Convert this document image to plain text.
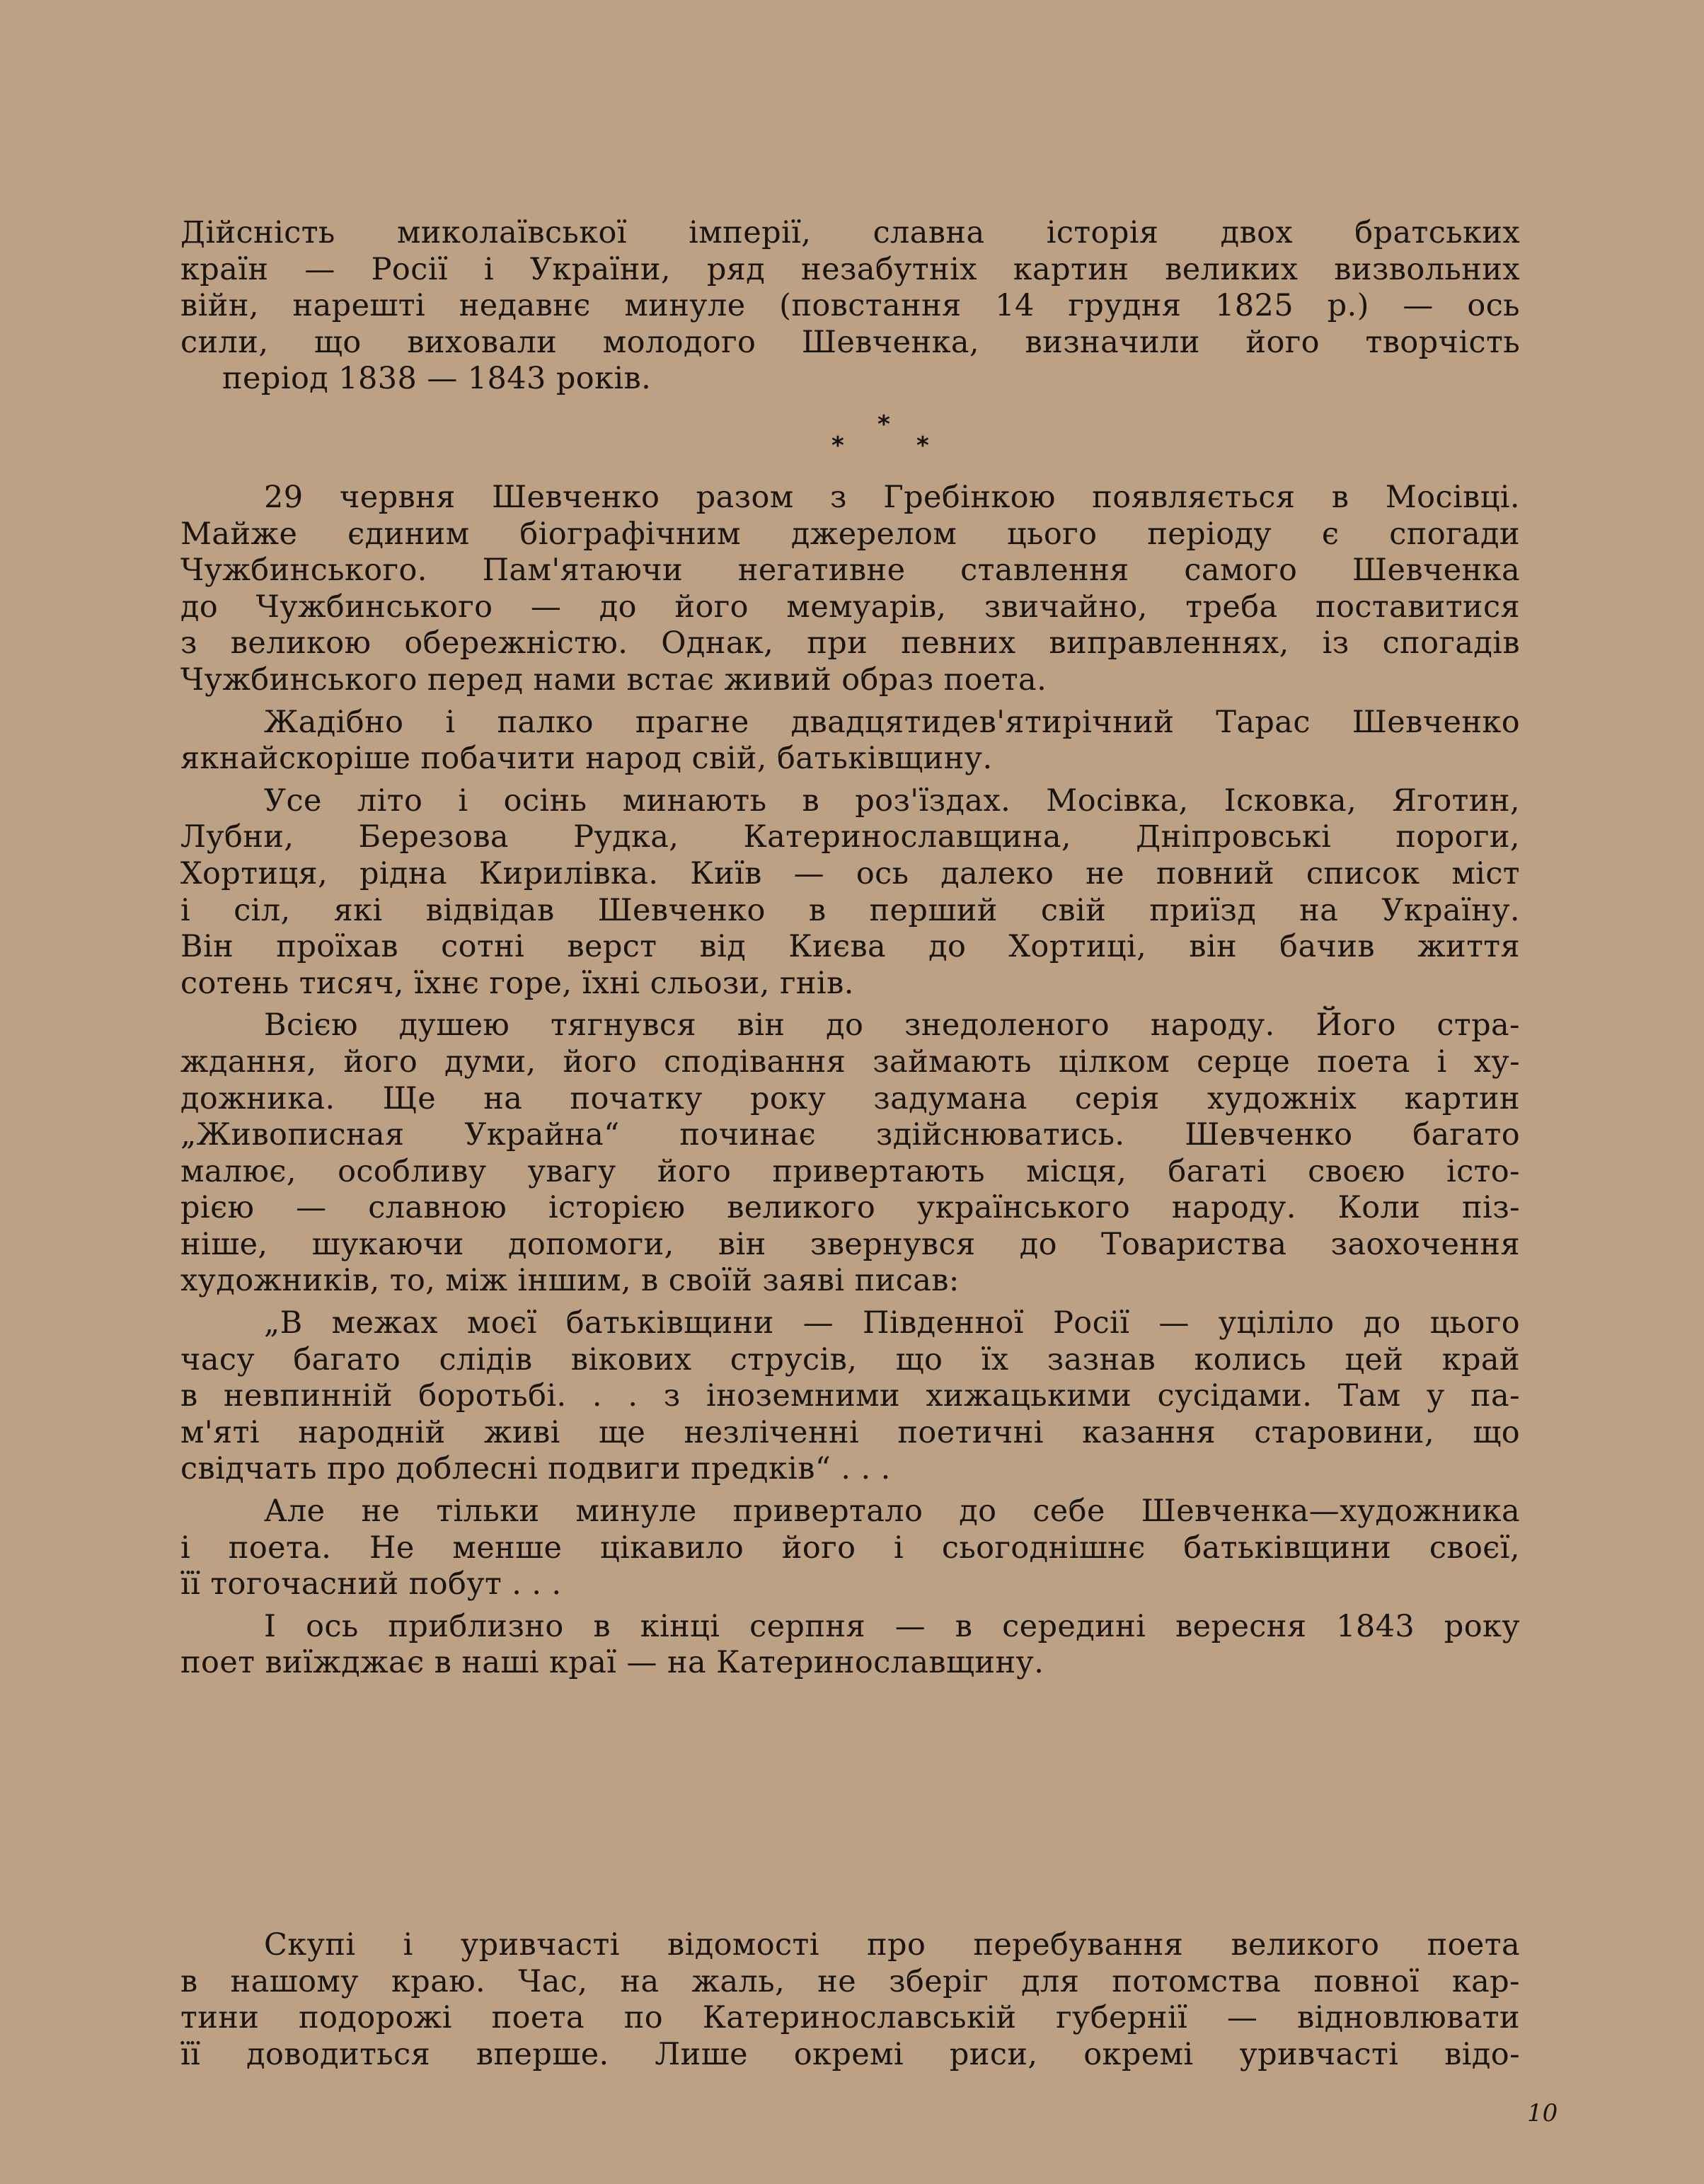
Дійсність миколаївської імперії, славна історія двох братських
країн — Росії і України, ряд незабутніх картин великих визвольних
війн, нарешті недавнє минуле (повстання 14 грудня 1825 р.) — ось
сили, що виховали молодого Шевченка, визначили його творчість
період 1838 — 1843 років.
*
*	*
29 червня Шевченко разом з Гребінкою появляється в Мосівці.
Майже єдиним біографічним джерелом цього періоду є спогади
Чужбинського. Пам'ятаючи негативне ставлення самого Шевченка
до Чужбинського — до його мемуарів, звичайно, треба поставитися
з великою обережністю. Однак, при певних виправленнях, із спогадів
Чужбинського перед нами встає живий образ поета.
Жадібно і палко прагне двадцятидев'ятирічний Тарас Шевченко
якнайскоріше побачити народ свій, батьківщину.
Усе літо і осінь минають в роз'їздах. Мосівка, Ісковка, Яготин,
Лубни, Березова Рудка, Катеринославщина, Дніпровські пороги,
Хортиця, рідна Кирилівка. Київ — ось далеко не повний список міст
і сіл, які відвідав Шевченко в перший свій приїзд на Україну.
Він проїхав сотні верст від Києва до Хортиці, він бачив життя
сотень тисяч, їхнє горе, їхні сльози, гнів.
Всією душею тягнувся він до знедоленого народу. Його стра-
ждання, його думи, його сподівання займають цілком серце поета і ху-
дожника. Ще на початку року задумана серія художніх картин
„Живописная Украйна“ починає здійснюватись. Шевченко багато
малює, особливу увагу його привертають місця, багаті своєю істо-
рією — славною історією великого українського народу. Коли піз-
ніше, шукаючи допомоги, він звернувся до Товариства заохочення
художників, то, між іншим, в своїй заяві писав:
„В межах моєї батьківщини — Південної Росії — уціліло до цього
часу багато слідів вікових струсів, що їх зазнав колись цей край
в невпинній боротьбі. . . з іноземними хижацькими сусідами. Там у па-
м'яті народній живі ще незліченні поетичні казання старовини, що
свідчать про доблесні подвиги предків“ . . .
Але не тільки минуле привертало до себе Шевченка—художника
і поета. Не менше цікавило його і сьогоднішнє батьківщини своєї,
її тогочасний побут . . .
І ось приблизно в кінці серпня — в середині вересня 1843 року
поет виїжджає в наші краї — на Катеринославщину.
Скупі і уривчасті відомості про перебування великого поета
в нашому краю. Час, на жаль, не зберіг для потомства повної кар-
тини подорожі поета по Катеринославській губернії — відновлювати
її доводиться вперше. Лише окремі риси, окремі уривчасті відо-
10
